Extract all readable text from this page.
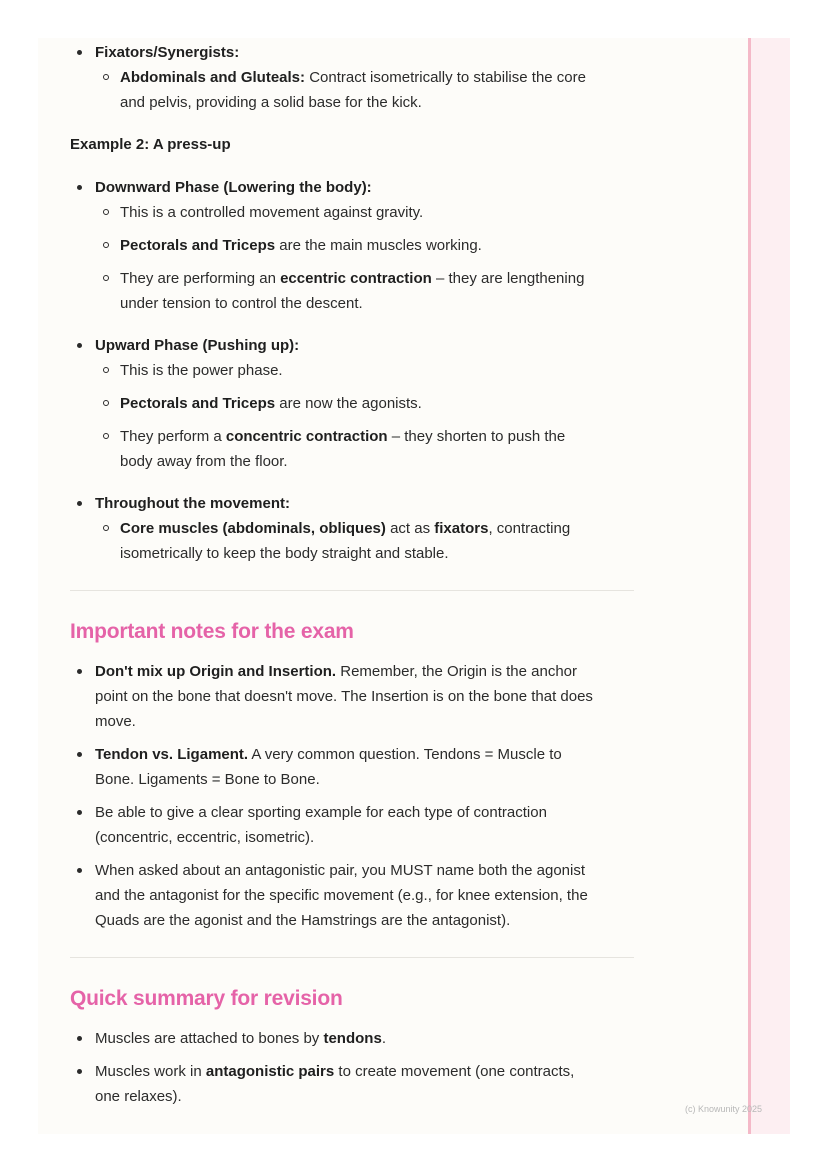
Fixators/Synergists:
Abdominals and Gluteals: Contract isometrically to stabilise the core
and pelvis, providing a solid base for the kick.
Example 2: A press-up
Downward Phase (Lowering the body):
This is a controlled movement against gravity.
Pectorals and Triceps are the main muscles working.
They are performing an eccentric contraction – they are lengthening
under tension to control the descent.
Upward Phase (Pushing up):
This is the power phase.
Pectorals and Triceps are now the agonists.
They perform a concentric contraction – they shorten to push the
body away from the floor.
Throughout the movement:
Core muscles (abdominals, obliques) act as fixators, contracting
isometrically to keep the body straight and stable.
Important notes for the exam
Don't mix up Origin and Insertion. Remember, the Origin is the anchor
point on the bone that doesn't move. The Insertion is on the bone that does
move.
Tendon vs. Ligament. A very common question. Tendons = Muscle to
Bone. Ligaments = Bone to Bone.
Be able to give a clear sporting example for each type of contraction
(concentric, eccentric, isometric).
When asked about an antagonistic pair, you MUST name both the agonist
and the antagonist for the specific movement (e.g., for knee extension, the
Quads are the agonist and the Hamstrings are the antagonist).
Quick summary for revision
Muscles are attached to bones by tendons.
Muscles work in antagonistic pairs to create movement (one contracts,
one relaxes).
(c) Knowunity 2025
